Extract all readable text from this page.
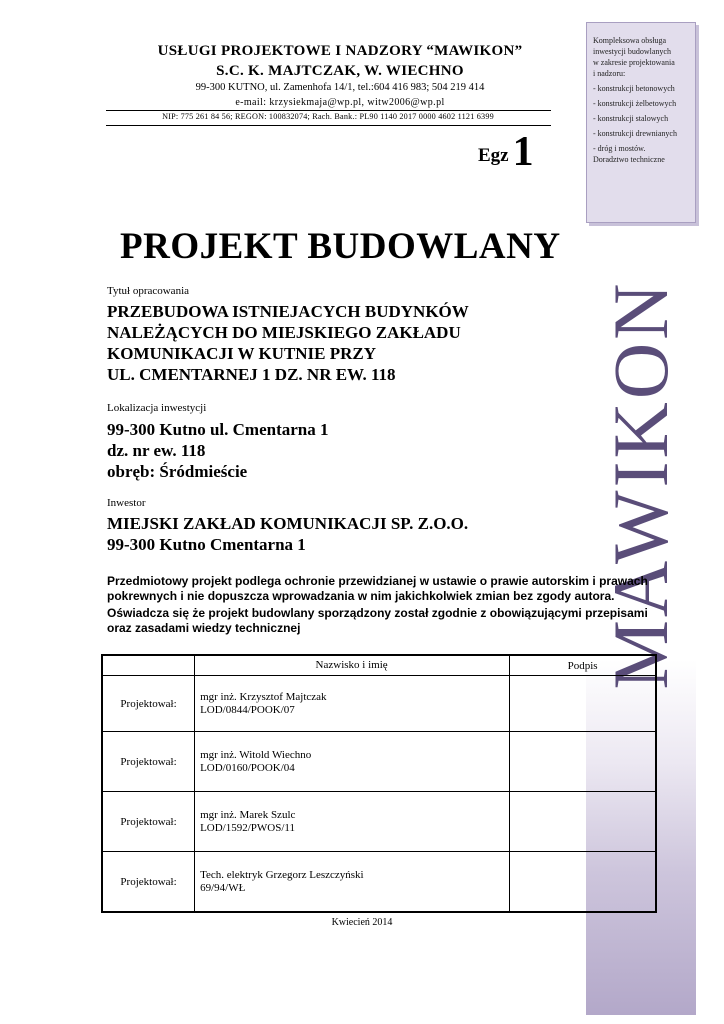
MAWIKON
USŁUGI PROJEKTOWE I NADZORY “MAWIKON”
S.C. K. MAJTCZAK, W. WIECHNO
99-300 KUTNO, ul. Zamenhofa 14/1, tel.:604 416 983; 504 219 414
e-mail: krzysiekmaja@wp.pl, witw2006@wp.pl
NIP: 775 261 84 56; REGON: 100832074; Rach. Bank.: PL90 1140 2017 0000 4602 1121 6399
Kompleksowa obsługa
inwestycji budowlanych
w zakresie projektowania
i nadzoru:
- konstrukcji betonowych
- konstrukcji żelbetowych
- konstrukcji stalowych
- konstrukcji drewnianych
- dróg i mostów.
Doradztwo techniczne
Egz1
PROJEKT BUDOWLANY
Tytuł opracowania
PRZEBUDOWA ISTNIEJACYCH BUDYNKÓW
NALEŻĄCYCH DO MIEJSKIEGO ZAKŁADU
KOMUNIKACJI W KUTNIE PRZY
UL. CMENTARNEJ 1 DZ. NR EW. 118
Lokalizacja inwestycji
99-300 Kutno ul. Cmentarna 1
dz. nr ew. 118
obręb: Śródmieście
Inwestor
MIEJSKI ZAKŁAD KOMUNIKACJI SP. Z.O.O.
99-300 Kutno Cmentarna 1
Przedmiotowy projekt podlega ochronie przewidzianej w ustawie o prawie autorskim i prawach
pokrewnych i nie dopuszcza wprowadzania w nim jakichkolwiek zmian bez zgody autora.
Oświadcza się że projekt budowlany sporządzony został zgodnie z obowiązującymi przepisami
oraz zasadami wiedzy technicznej
	Nazwisko i imię	Podpis
Projektował:	mgr inż. Krzysztof Majtczak
LOD/0844/POOK/07	

Projektował:	mgr inż. Witold Wiechno
LOD/0160/POOK/04	

Projektował:	mgr inż. Marek Szulc
LOD/1592/PWOS/11	

Projektował:	Tech. elektryk Grzegorz Leszczyński
69/94/WŁ	

Kwiecień 2014
